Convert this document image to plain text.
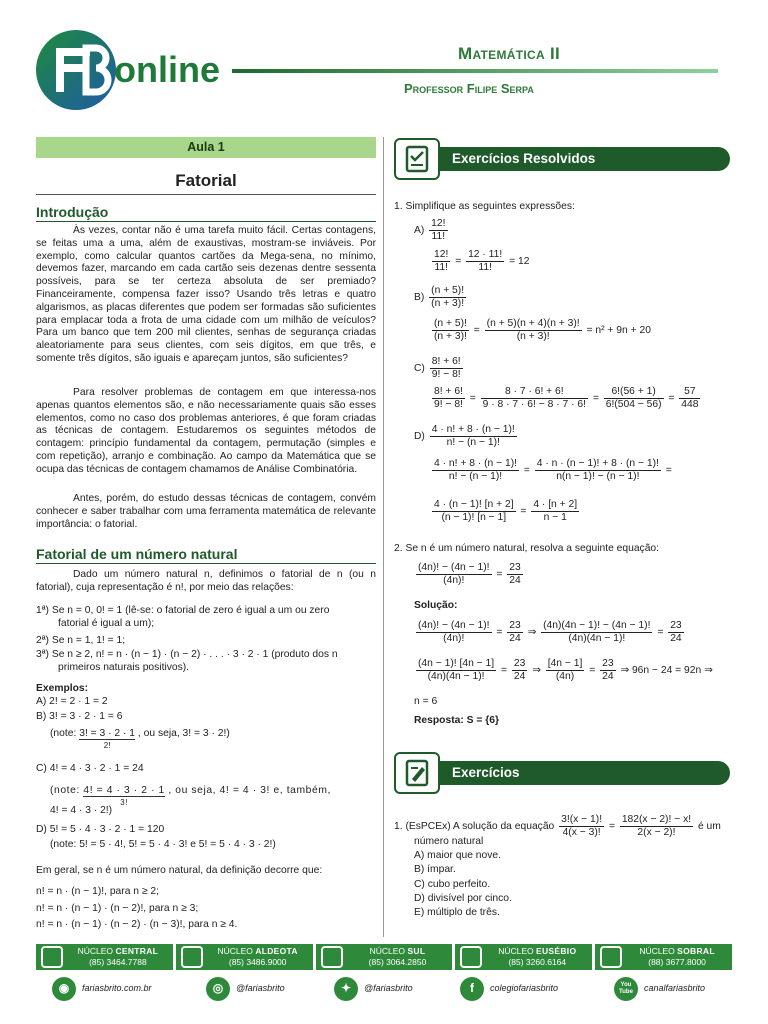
online	Matemática II
Professor Filipe Serpa
Aula 1
Fatorial
Introdução
Às vezes, contar não é uma tarefa muito fácil. Certas contagens, se feitas uma a uma, além de exaustivas, mostram-se inviáveis. Por exemplo, como calcular quantos cartões da Mega-sena, no mínimo, devemos fazer, marcando em cada cartão seis dezenas dentre sessenta possíveis, para se ter certeza absoluta de ser premiado? Financeiramente, compensa fazer isso? Usando três letras e quatro algarismos, as placas diferentes que podem ser formadas são suficientes para emplacar toda a frota de uma cidade com um milhão de veículos? Para um banco que tem 200 mil clientes, senhas de segurança criadas aleatoriamente para seus clientes, com seis dígitos, em que três, e somente três dígitos, são iguais e apareçam juntos, são suficientes?
Para resolver problemas de contagem em que interessa-nos apenas quantos elementos são, e não necessariamente quais são esses elementos, como no caso dos problemas anteriores, é que foram criadas as técnicas de contagem. Estudaremos os seguintes métodos de contagem: princípio fundamental da contagem, permutação (simples e com repetição), arranjo e combinação. Ao campo da Matemática que se ocupa das técnicas de contagem chamamos de Análise Combinatória.
Antes, porém, do estudo dessas técnicas de contagem, convém conhecer e saber trabalhar com uma ferramenta matemática de relevante importância: o fatorial.
Fatorial de um número natural
Dado um número natural n, definimos o fatorial de n (ou n fatorial), cuja representação é n!, por meio das relações:
1ª) Se n = 0, 0! = 1 (lê-se: o fatorial de zero é igual a um ou zero
fatorial é igual a um);
2ª) Se n = 1, 1! = 1;
3ª) Se n ≥ 2, n! = n · (n − 1) · (n − 2) · . . . · 3 · 2 · 1 (produto dos n
primeiros naturais positivos).
Exemplos:
A) 2! = 2 · 1 = 2
B) 3! = 3 · 2 · 1 = 6
(note: 3! = 3 · 2 · 1
2!
, ou seja, 3! = 3 · 2!)
C) 4! = 4 · 3 · 2 · 1 = 24
(note: 4! = 4 · 3 · 2 · 1
3!
, ou seja, 4! = 4 · 3! e, também,
4! = 4 · 3 · 2!)
D) 5! = 5 · 4 · 3 · 2 · 1 = 120
(note: 5! = 5 · 4!, 5! = 5 · 4 · 3! e 5! = 5 · 4 · 3 · 2!)
Em geral, se n é um número natural, da definição decorre que:
n! = n · (n − 1)!, para n ≥ 2;
n! = n · (n − 1) · (n − 2)!, para n ≥ 3;
n! = n · (n − 1) · (n − 2) · (n − 3)!, para n ≥ 4.
Exercícios Resolvidos
1. Simplifique as seguintes expressões:
$A) \frac{12!}{11!}$
$\frac{12!}{11!} = \frac{12 \cdot 11!}{11!} = 12$
$B) \frac{(n + 5)!}{(n + 3)!}$
$\frac{(n + 5)!}{(n + 3)!} = \frac{(n + 5)(n + 4)(n + 3)!}{(n + 3)!} = n^2 + 9n + 20$
$C) \frac{8! + 6!}{9! - 8!}$
$\frac{8! + 6!}{9! - 8!} = \frac{8 \cdot 7 \cdot 6! + 6!}{9 \cdot 8 \cdot 7 \cdot 6! - 8 \cdot 7 \cdot 6!} = \frac{6!(56 + 1)}{6!(504 - 56)} = \frac{57}{448}$
$D) \frac{4 \cdot n! + 8 \cdot (n - 1)!}{n! - (n - 1)!}$
$\frac{4 \cdot n! + 8 \cdot (n - 1)!}{n! - (n - 1)!} = \frac{4 \cdot n \cdot (n - 1)! + 8 \cdot (n - 1)!}{n(n - 1)! - (n - 1)!}$ =
$\frac{4 \cdot (n - 1)! [n + 2]}{(n - 1)! [n - 1]} = \frac{4 \cdot [n + 2]}{n - 1}$
2. Se n é um número natural, resolva a seguinte equação:
$\frac{(4n)! - (4n - 1)!}{(4n)!} = \frac{23}{24}$
Solução:
$\frac{(4n)! - (4n - 1)!}{(4n)!} = \frac{23}{24}$ ⇒ $\frac{(4n)(4n - 1)! - (4n - 1)!}{(4n)(4n - 1)!} = \frac{23}{24}$
$\frac{(4n - 1)! [4n - 1]}{(4n)(4n - 1)!} = \frac{23}{24}$ ⇒ $\frac{[4n - 1]}{(4n)} = \frac{23}{24}$ ⇒ 96n − 24 = 92n ⇒
n = 6
Resposta: S = {6}
Exercícios
1. (EsPCEx) A solução da equação $\frac{3!(x - 1)!}{4(x - 3)!} = \frac{182(x - 2)! - x!}{2(x - 2)!}$ é um
número natural
A) maior que nove.
B) ímpar.
C) cubo perfeito.
D) divisível por cinco.
E) múltiplo de três.
NÚCLEO CENTRAL
(85) 3464.7788
NÚCLEO ALDEOTA
(85) 3486.9000
NÚCLEO SUL
(85) 3064.2850
NÚCLEO EUSÉBIO
(85) 3260.6164
NÚCLEO SOBRAL
(88) 3677.8000
◉	fariasbrito.com.br	◎	@fariasbrito	✦	@fariasbrito	f	colegiofariasbrito	You Tube	canalfariasbrito
